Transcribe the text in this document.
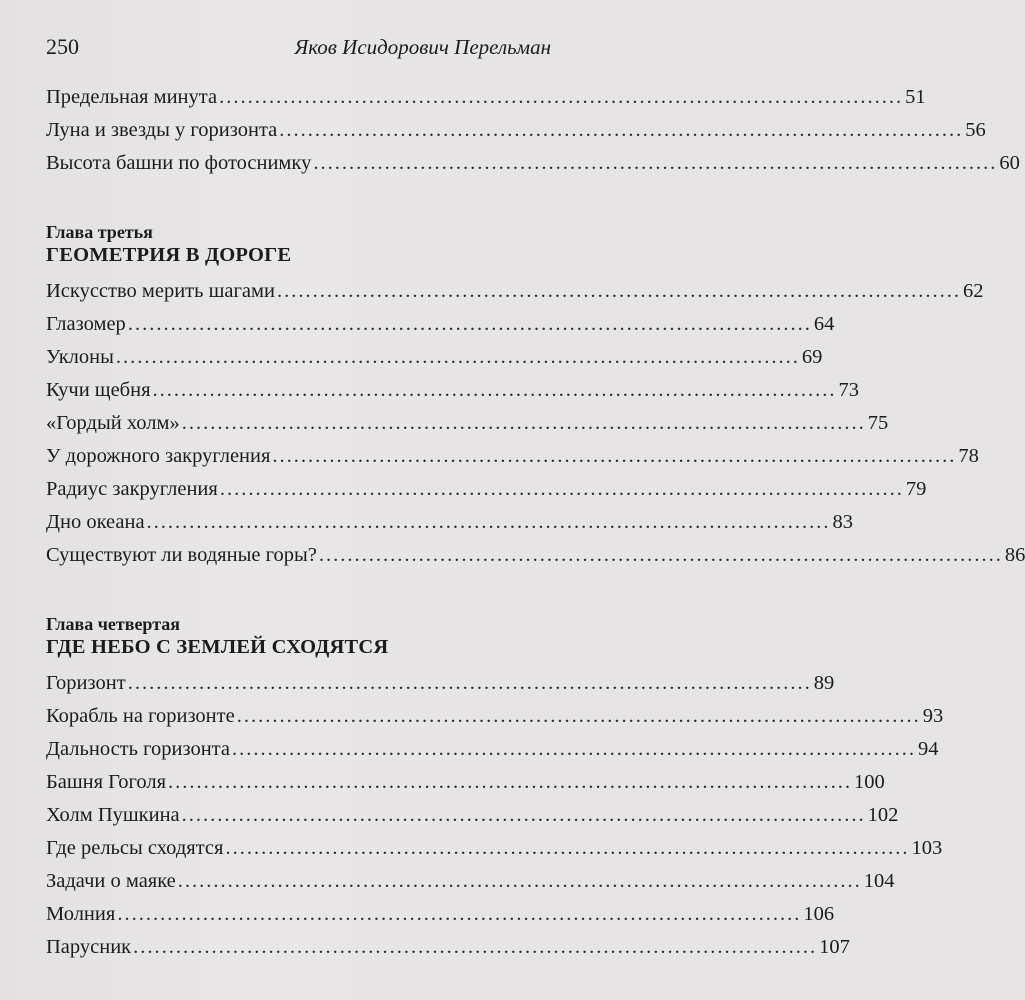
250	Яков Исидорович Перельман
Предельная минута ................................................................................................ 51
Луна и звезды у горизонта ................................................................................................ 56
Высота башни по фотоснимку ................................................................................................ 60
Глава третья
ГЕОМЕТРИЯ В ДОРОГЕ
Искусство мерить шагами ................................................................................................ 62
Глазомер ................................................................................................ 64
Уклоны ................................................................................................ 69
Кучи щебня ................................................................................................ 73
«Гордый холм» ................................................................................................ 75
У дорожного закругления ................................................................................................ 78
Радиус закругления ................................................................................................ 79
Дно океана ................................................................................................ 83
Существуют ли водяные горы? ................................................................................................ 86
Глава четвертая
ГДЕ НЕБО С ЗЕМЛЕЙ СХОДЯТСЯ
Горизонт ................................................................................................ 89
Корабль на горизонте ................................................................................................ 93
Дальность горизонта ................................................................................................ 94
Башня Гоголя ................................................................................................ 100
Холм Пушкина ................................................................................................ 102
Где рельсы сходятся ................................................................................................ 103
Задачи о маяке ................................................................................................ 104
Молния ................................................................................................ 106
Парусник ................................................................................................ 107
